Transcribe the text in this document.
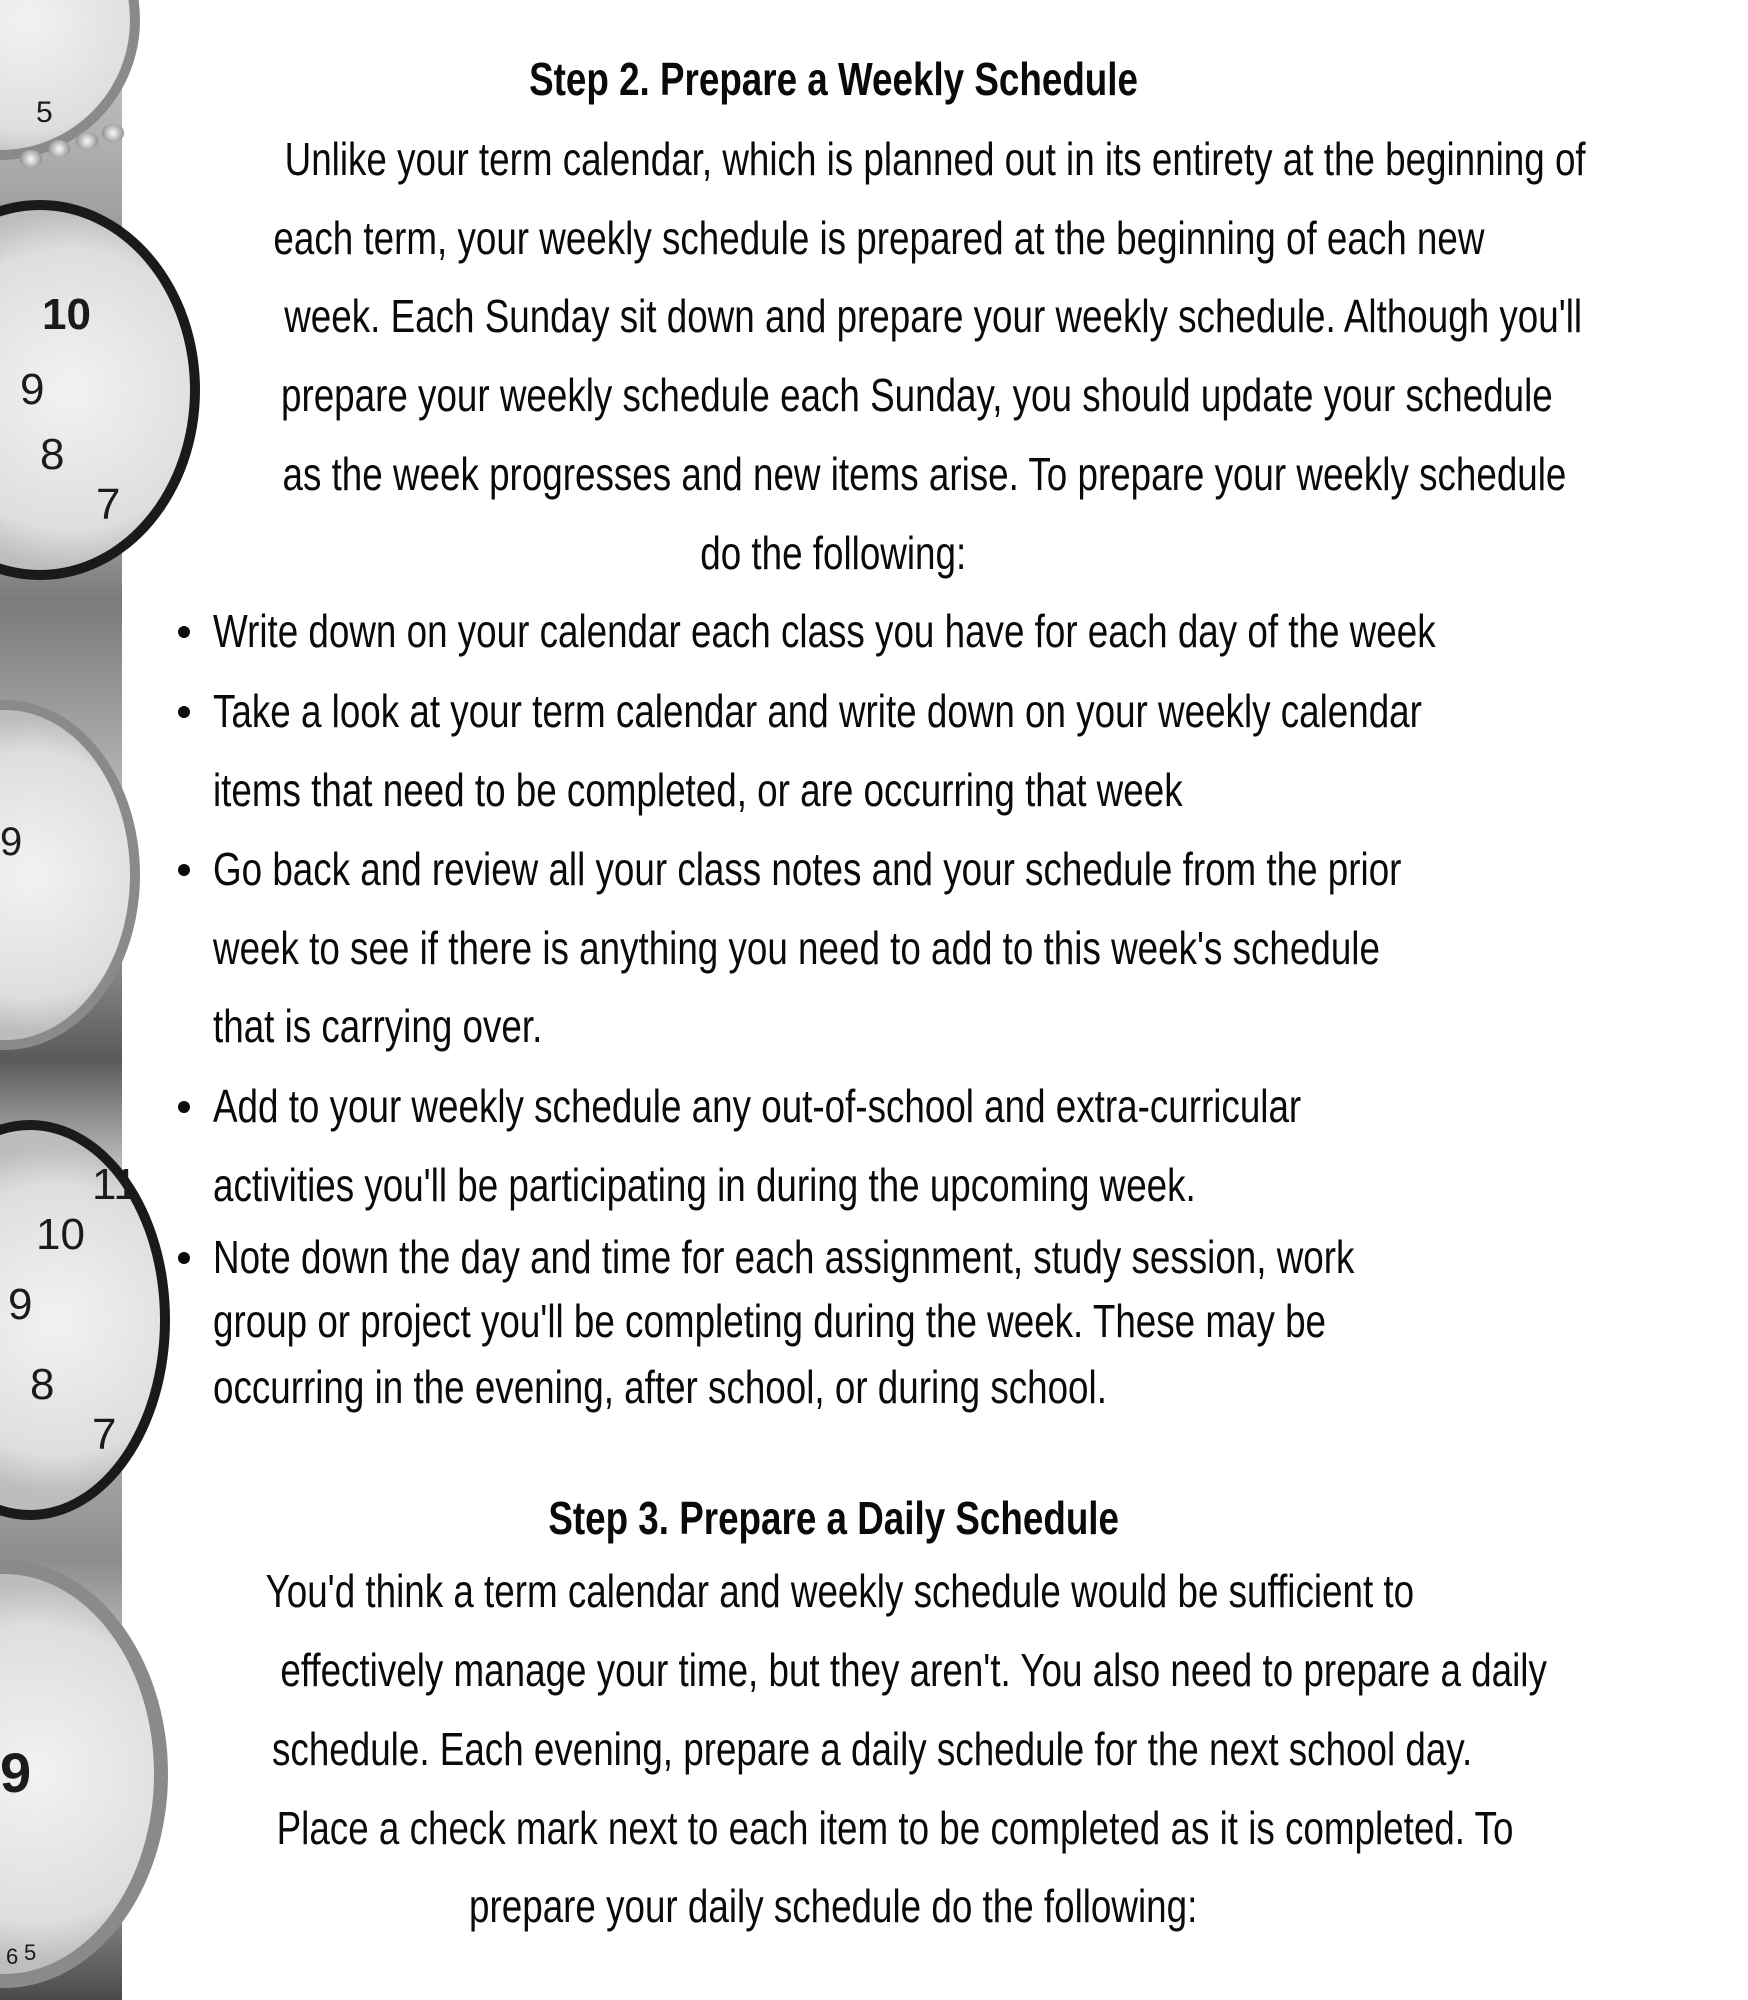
5
10
9
8
7
9
11
10
9
8
7
9
6 5
Step 2. Prepare a Weekly Schedule
Unlike your term calendar, which is planned out in its entirety at the beginning of
each term, your weekly schedule is prepared at the beginning of each new
week. Each Sunday sit down and prepare your weekly schedule. Although you'll
prepare your weekly schedule each Sunday, you should update your schedule
as the week progresses and new items arise. To prepare your weekly schedule
do the following:
Write down on your calendar each class you have for each day of the week
Take a look at your term calendar and write down on your weekly calendar
items that need to be completed, or are occurring that week
Go back and review all your class notes and your schedule from the prior
week to see if there is anything you need to add to this week's schedule
that is carrying over.
Add to your weekly schedule any out-of-school and extra-curricular
activities you'll be participating in during the upcoming week.
Note down the day and time for each assignment, study session, work
group or project you'll be completing during the week. These may be
occurring in the evening, after school, or during school.
Step 3. Prepare a Daily Schedule
You'd think a term calendar and weekly schedule would be sufficient to
effectively manage your time, but they aren't. You also need to prepare a daily
schedule. Each evening, prepare a daily schedule for the next school day.
Place a check mark next to each item to be completed as it is completed. To
prepare your daily schedule do the following:
